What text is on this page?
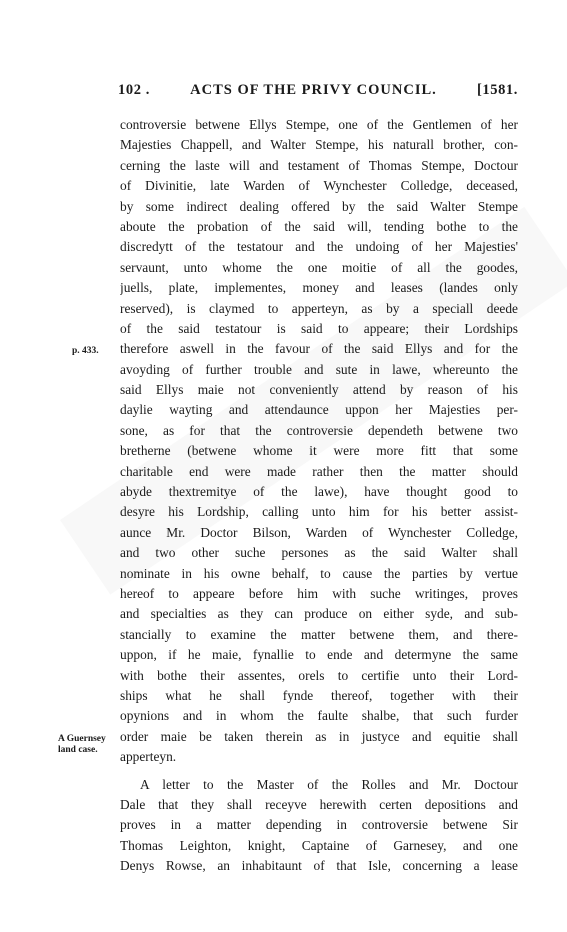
102 .	ACTS OF THE PRIVY COUNCIL.	[1581.
p. 433.
A Guernsey
land case.
controversie betwene Ellys Stempe, one of the Gentlemen of her
Majesties Chappell, and Walter Stempe, his naturall brother, con-
cerning the laste will and testament of Thomas Stempe, Doctour
of Divinitie, late Warden of Wynchester Colledge, deceased,
by some indirect dealing offered by the said Walter Stempe
aboute the probation of the said will, tending bothe to the
discredytt of the testatour and the undoing of her Majesties'
servaunt, unto whome the one moitie of all the goodes,
juells, plate, implementes, money and leases (landes only
reserved), is claymed to apperteyn, as by a speciall deede
of the said testatour is said to appeare; their Lordships
therefore aswell in the favour of the said Ellys and for the
avoyding of further trouble and sute in lawe, whereunto the
said Ellys maie not conveniently attend by reason of his
daylie wayting and attendaunce uppon her Majesties per-
sone, as for that the controversie dependeth betwene two
bretherne (betwene whome it were more fitt that some
charitable end were made rather then the matter should
abyde thextremitye of the lawe), have thought good to
desyre his Lordship, calling unto him for his better assist-
aunce Mr. Doctor Bilson, Warden of Wynchester Colledge,
and two other suche persones as the said Walter shall
nominate in his owne behalf, to cause the parties by vertue
hereof to appeare before him with suche writinges, proves
and specialties as they can produce on either syde, and sub-
stancially to examine the matter betwene them, and there-
uppon, if he maie, fynallie to ende and determyne the same
with bothe their assentes, orels to certifie unto their Lord-
ships what he shall fynde thereof, together with their
opynions and in whom the faulte shalbe, that such furder
order maie be taken therein as in justyce and equitie shall
apperteyn.
A letter to the Master of the Rolles and Mr. Doctour
Dale that they shall receyve herewith certen depositions and
proves in a matter depending in controversie betwene Sir
Thomas Leighton, knight, Captaine of Garnesey, and one
Denys Rowse, an inhabitaunt of that Isle, concerning a lease
